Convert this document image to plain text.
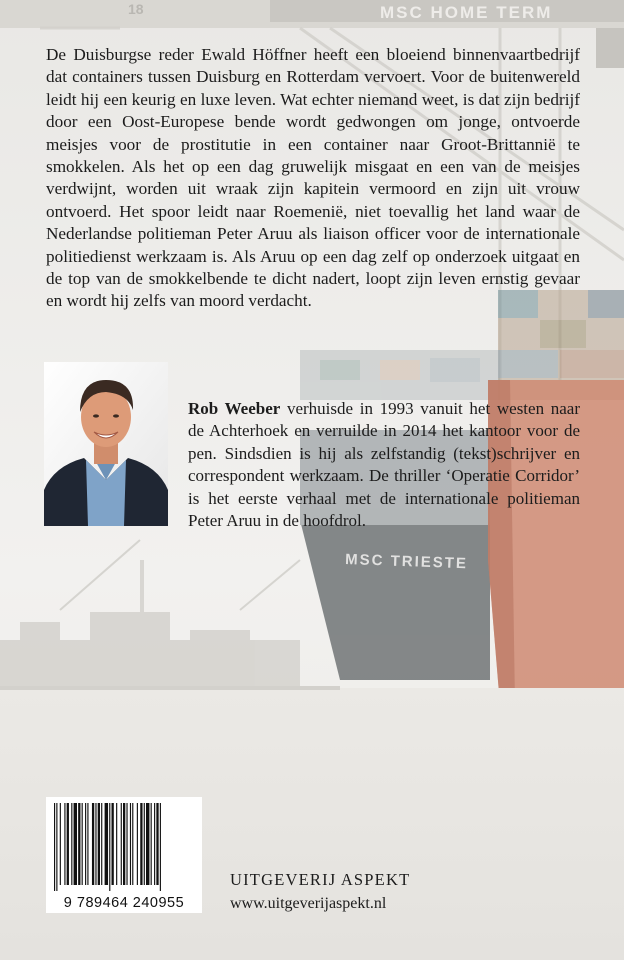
18	MSC HOME TERM
MSC TRIESTE

De Duisburgse reder Ewald Höffner heeft een bloeiend binnenvaartbedrijf dat containers tussen Duisburg en Rotterdam vervoert. Voor de buitenwereld leidt hij een keurig en luxe leven. Wat echter niemand weet, is dat zijn bedrijf door een Oost-Europese bende wordt gedwongen om jonge, ontvoerde meisjes voor de prostitutie in een container naar Groot-Brittannië te smokkelen. Als het op een dag gruwelijk misgaat en een van de meisjes verdwijnt, worden uit wraak zijn kapitein vermoord en zijn uit vrouw ontvoerd. Het spoor leidt naar Roemenië, niet toevallig het land waar de Nederlandse politieman Peter Aruu als liaison officer voor de internationale politiedienst werkzaam is. Als Aruu op een dag zelf op onderzoek uitgaat en de top van de smokkelbende te dicht nadert, loopt zijn leven ernstig gevaar en wordt hij zelfs van moord verdacht.

Rob Weeber verhuisde in 1993 vanuit het westen naar de Achterhoek en verruilde in 2014 het kantoor voor de pen. Sindsdien is hij als zelfstandig (tekst)schrijver en correspondent werkzaam. De thriller ‘Operatie Corridor’ is het eerste verhaal met de internationale politieman Peter Aruu in de hoofdrol.

9 789464 240955
UITGEVERIJ ASPEKT
www.uitgeverijaspekt.nl
